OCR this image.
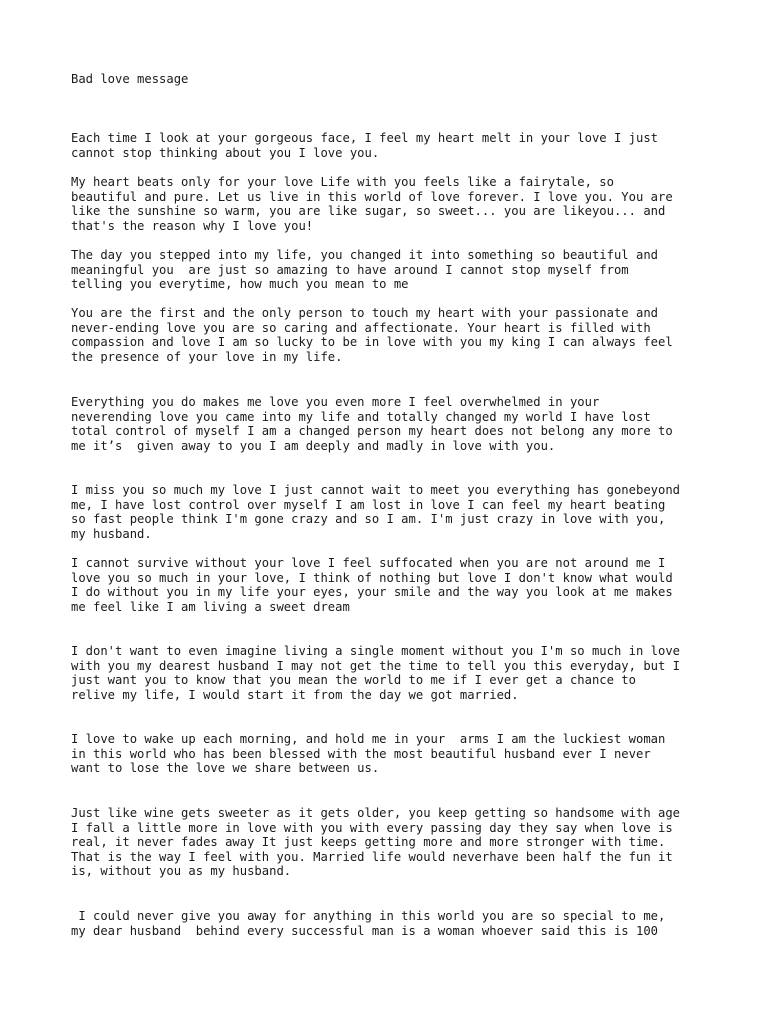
Bad love message

Each time I look at your gorgeous face, I feel my heart melt in your love I just
cannot stop thinking about you I love you.

My heart beats only for your love Life with you feels like a fairytale, so
beautiful and pure. Let us live in this world of love forever. I love you. You are
like the sunshine so warm, you are like sugar, so sweet... you are likeyou... and
that's the reason why I love you!

The day you stepped into my life, you changed it into something so beautiful and
meaningful you  are just so amazing to have around I cannot stop myself from
telling you everytime, how much you mean to me

You are the first and the only person to touch my heart with your passionate and
never-ending love you are so caring and affectionate. Your heart is filled with
compassion and love I am so lucky to be in love with you my king I can always feel
the presence of your love in my life.

Everything you do makes me love you even more I feel overwhelmed in your
neverending love you came into my life and totally changed my world I have lost
total control of myself I am a changed person my heart does not belong any more to
me it’s  given away to you I am deeply and madly in love with you.

I miss you so much my love I just cannot wait to meet you everything has gonebeyond
me, I have lost control over myself I am lost in love I can feel my heart beating
so fast people think I'm gone crazy and so I am. I'm just crazy in love with you,
my husband.

I cannot survive without your love I feel suffocated when you are not around me I
love you so much in your love, I think of nothing but love I don't know what would
I do without you in my life your eyes, your smile and the way you look at me makes
me feel like I am living a sweet dream

I don't want to even imagine living a single moment without you I'm so much in love
with you my dearest husband I may not get the time to tell you this everyday, but I
just want you to know that you mean the world to me if I ever get a chance to
relive my life, I would start it from the day we got married.

I love to wake up each morning, and hold me in your  arms I am the luckiest woman
in this world who has been blessed with the most beautiful husband ever I never
want to lose the love we share between us.

Just like wine gets sweeter as it gets older, you keep getting so handsome with age
I fall a little more in love with you with every passing day they say when love is
real, it never fades away It just keeps getting more and more stronger with time.
That is the way I feel with you. Married life would neverhave been half the fun it
is, without you as my husband.

I could never give you away for anything in this world you are so special to me,
my dear husband  behind every successful man is a woman whoever said this is 100
